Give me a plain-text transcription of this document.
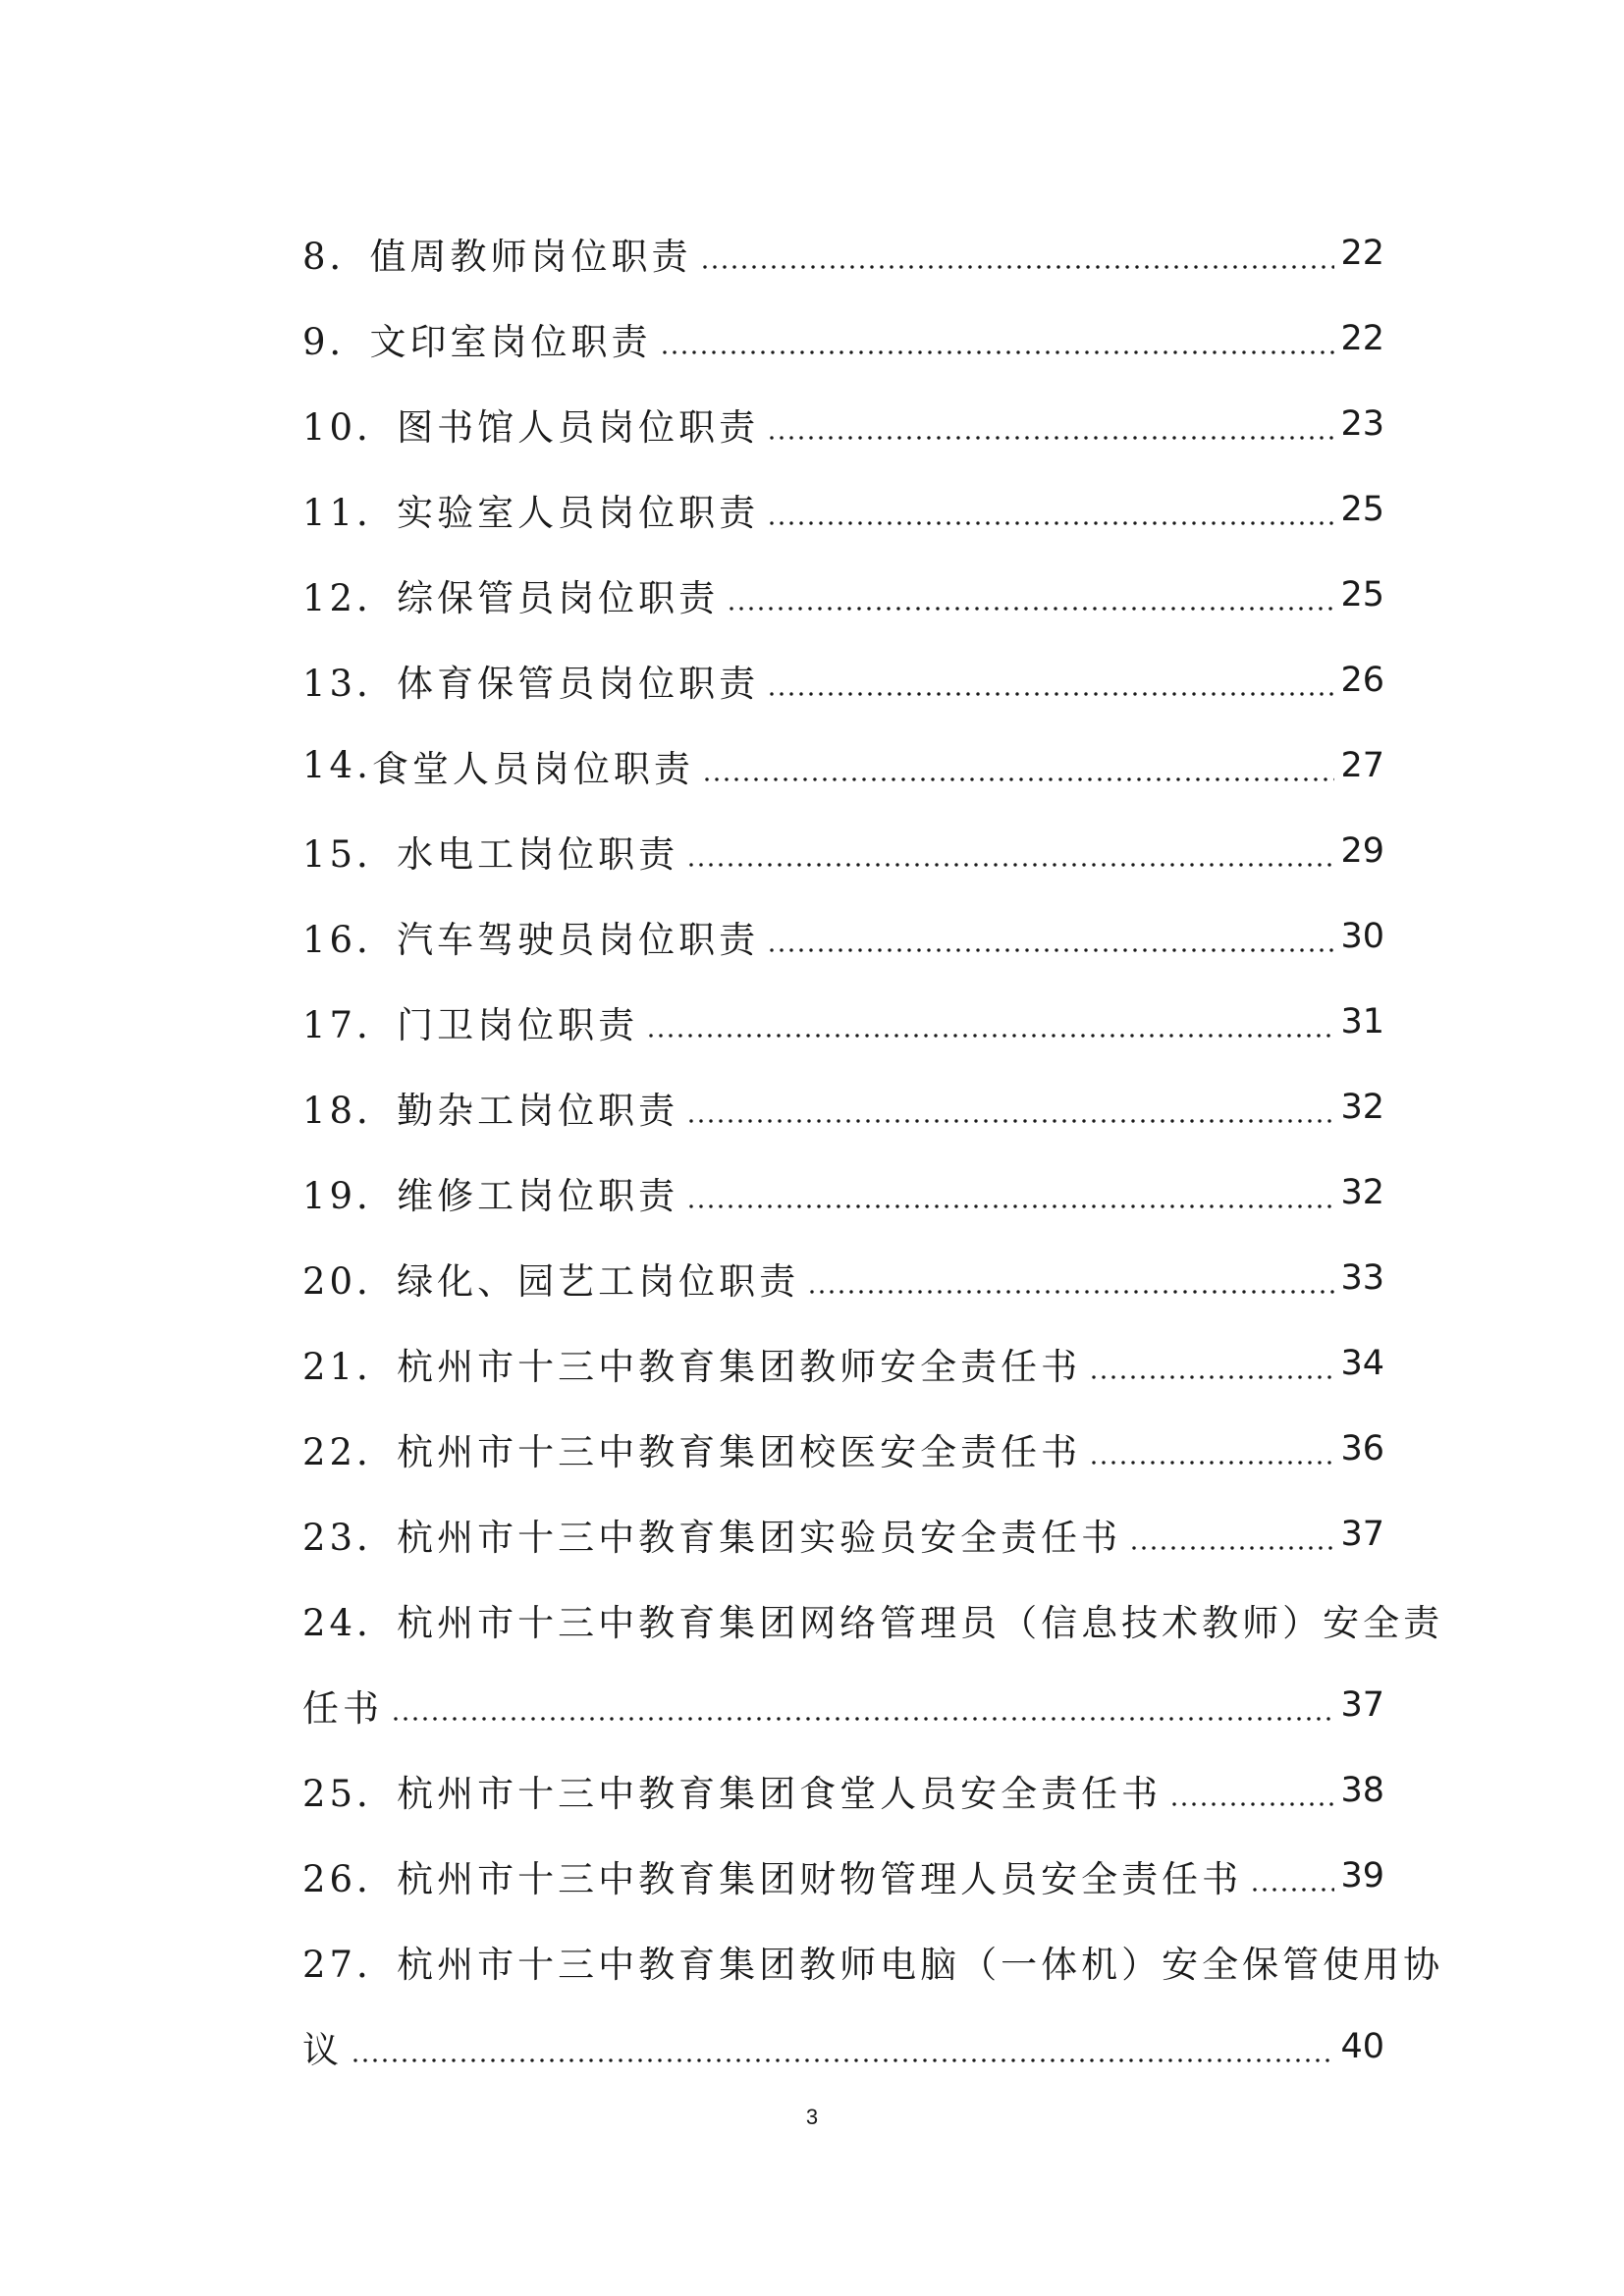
8． 值周教师岗位职责	22
9． 文印室岗位职责	22
10． 图书馆人员岗位职责	23
11． 实验室人员岗位职责	25
12． 综保管员岗位职责	25
13． 体育保管员岗位职责	26
14. 食堂人员岗位职责	27
15． 水电工岗位职责	29
16． 汽车驾驶员岗位职责	30
17． 门卫岗位职责	31
18． 勤杂工岗位职责	32
19． 维修工岗位职责	32
20． 绿化、园艺工岗位职责	33
21． 杭州市十三中教育集团教师安全责任书	34
22． 杭州市十三中教育集团校医安全责任书	36
23． 杭州市十三中教育集团实验员安全责任书	37
24．杭州市十三中教育集团网络管理员（信息技术教师）安全责
任书	37
25． 杭州市十三中教育集团食堂人员安全责任书	38
26． 杭州市十三中教育集团财物管理人员安全责任书	39
27．杭州市十三中教育集团教师电脑（一体机）安全保管使用协
议	40
3
